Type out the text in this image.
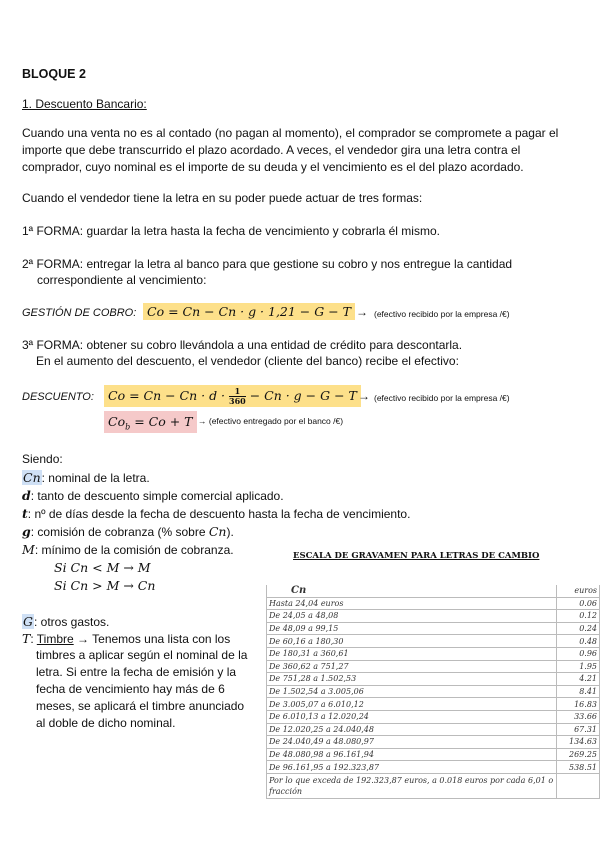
BLOQUE 2
1. Descuento Bancario:
Cuando una venta no es al contado (no pagan al momento), el comprador se compromete a pagar el
importe que debe transcurrido el plazo acordado. A veces, el vendedor gira una letra contra el
comprador, cuyo nominal es el importe de su deuda y el vencimiento es el del plazo acordado.
Cuando el vendedor tiene la letra en su poder puede actuar de tres formas:
1ª FORMA: guardar la letra hasta la fecha de vencimiento y cobrarla él mismo.
2ª FORMA: entregar la letra al banco para que gestione su cobro y nos entregue la cantidad
correspondiente al vencimiento:
GESTIÓN DE COBRO: Co = Cn − Cn · g · 1,21 − G − T → (efectivo recibido por la empresa /€)
3ª FORMA: obtener su cobro llevándola a una entidad de crédito para descontarla.
En el aumento del descuento, el vendedor (cliente del banco) recibe el efectivo:
DESCUENTO:	$Co = Cn - Cn \cdot d \cdot \frac{1}{360} - Cn \cdot g - G - T$ → (efectivo recibido por la empresa /€)
$Co_b = Co + T$ → (efectivo entregado por el banco /€)
Siendo:
Cn: nominal de la letra.
d: tanto de descuento simple comercial aplicado.
t: nº de días desde la fecha de descuento hasta la fecha de vencimiento.
g: comisión de cobranza (% sobre Cn).
M: mínimo de la comisión de cobranza.
Si Cn < M → M
Si Cn > M → Cn
G: otros gastos.
T: Timbre → Tenemos una lista con los
timbres a aplicar según el nominal de la
letra. Si entre la fecha de emisión y la
fecha de vencimiento hay más de 6
meses, se aplicará el timbre anunciado
al doble de dicho nominal.
ESCALA DE GRAVAMEN PARA LETRAS DE CAMBIO
Cn	euros
Hasta 24,04 euros	0.06
De 24,05 a 48,08	0.12
De 48,09 a 99,15	0.24
De 60,16 a 180,30	0.48
De 180,31 a 360,61	0.96
De 360,62 a 751,27	1.95
De 751,28 a 1.502,53	4.21
De 1.502,54 a 3.005,06	8.41
De 3.005,07 a 6.010,12	16.83
De 6.010,13 a 12.020,24	33.66
De 12.020,25 a 24.040,48	67.31
De 24.040,49 a 48.080,97	134.63
De 48.080,98 a 96.161,94	269.25
De 96.161,95 a 192.323,87	538.51
Por lo que exceda de 192.323,87 euros, a 0.018 euros por cada 6,01 o fracción	
